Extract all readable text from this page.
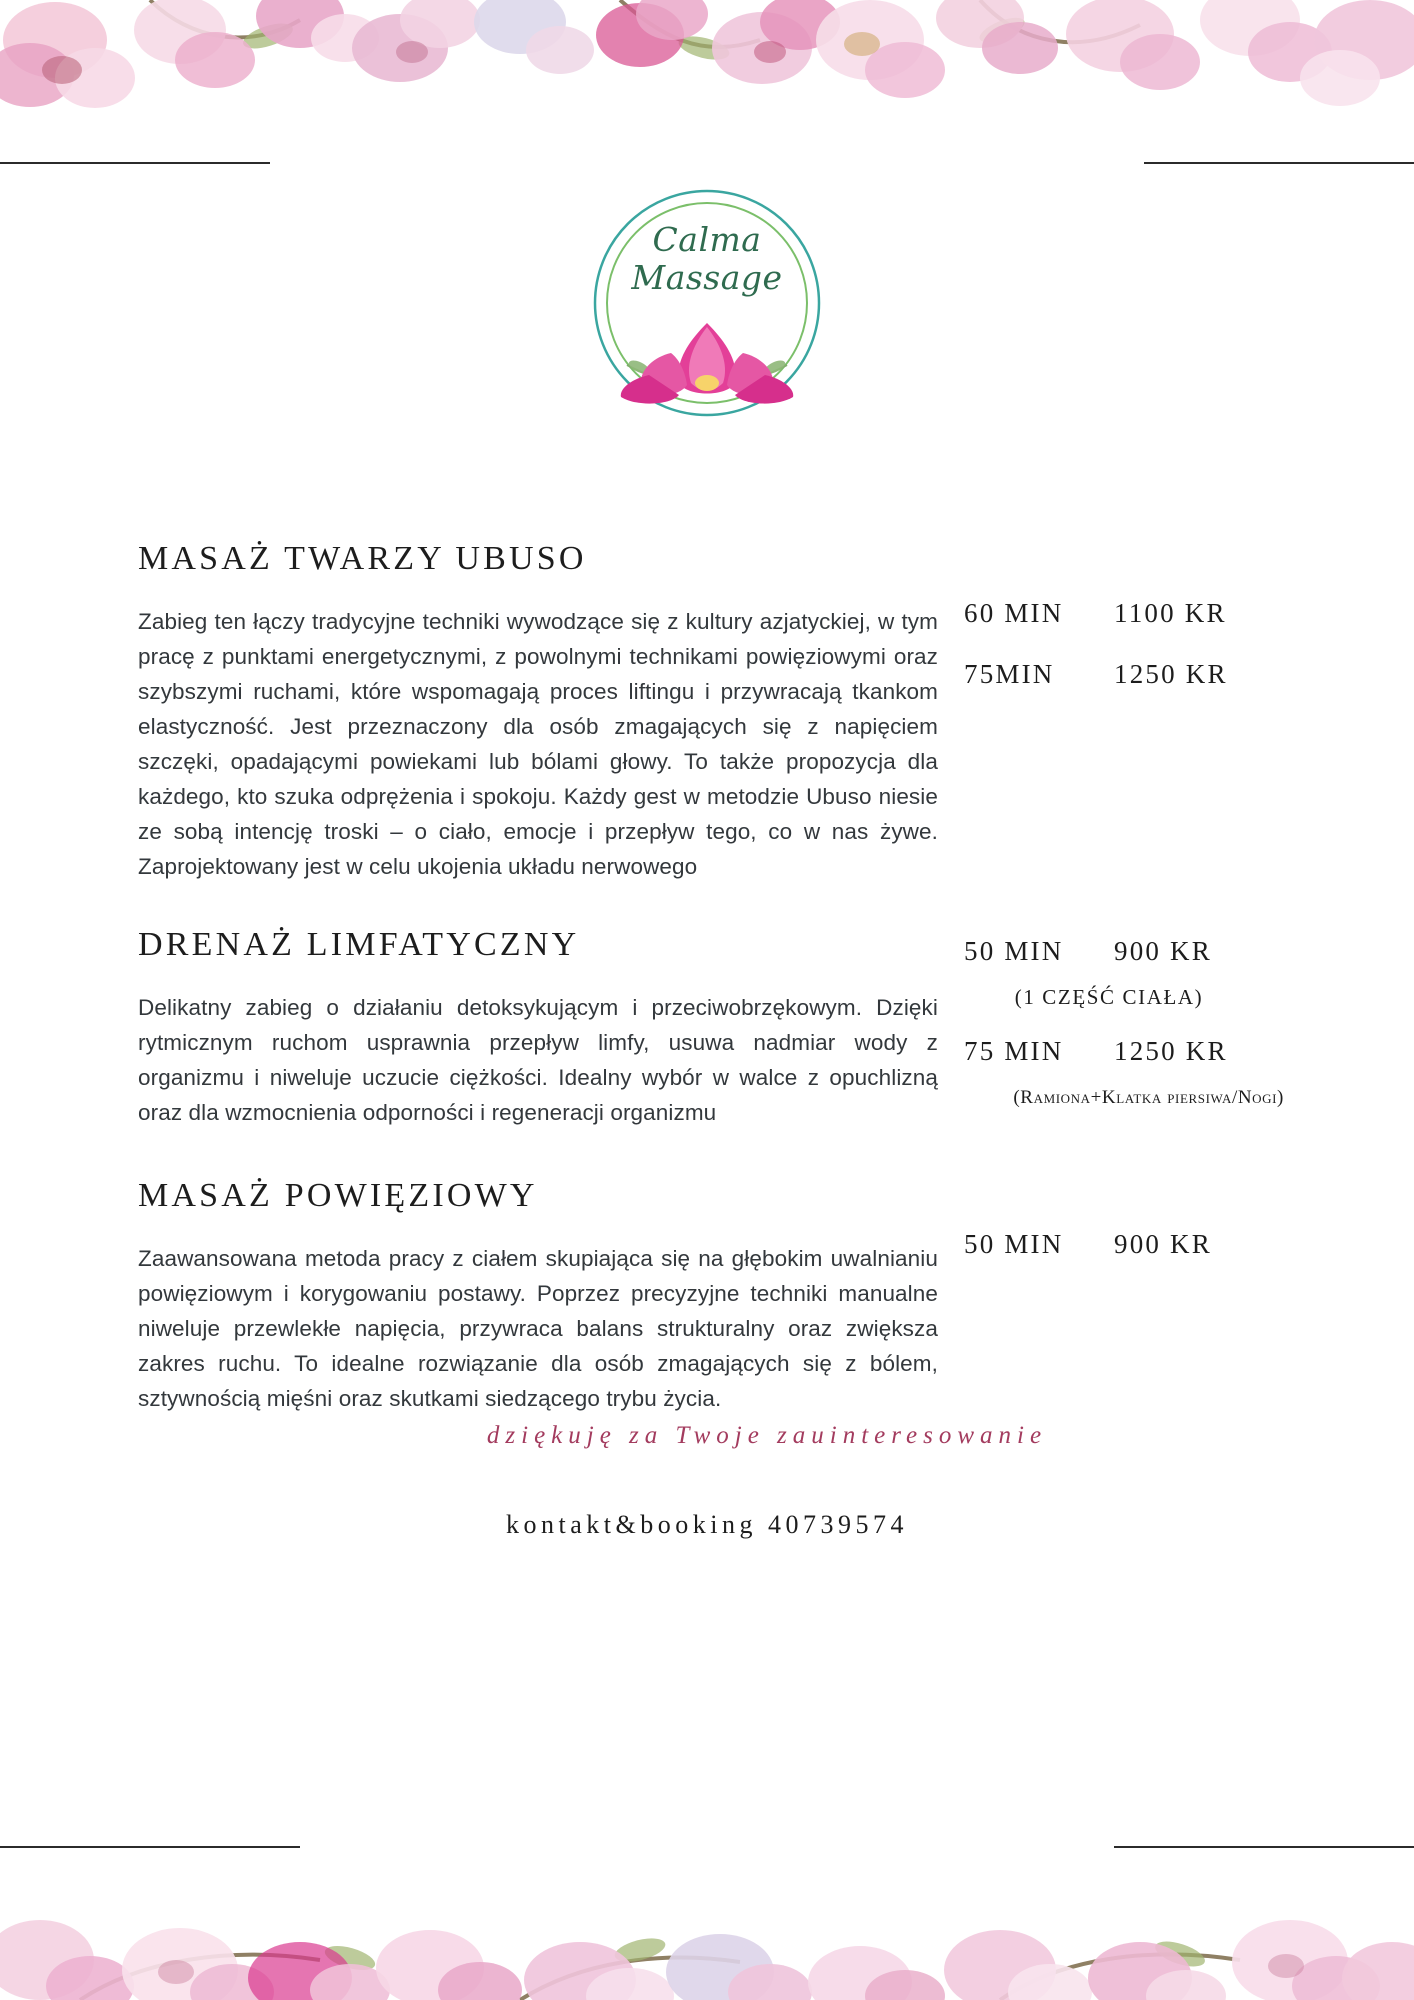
Calma
Massage
MASAŻ TWARZY UBUSO

Zabieg ten łączy tradycyjne techniki wywodzące się z kultury azjatyckiej, w tym pracę z punktami energetycznymi, z powolnymi technikami powięziowymi oraz szybszymi ruchami, które wspomagają proces liftingu i przywracają tkankom elastyczność. Jest przeznaczony dla osób zmagających się z napięciem szczęki, opadającymi powiekami lub bólami głowy. To także propozycja dla każdego, kto szuka odprężenia i spokoju. Każdy gest w metodzie Ubuso niesie ze sobą intencję troski – o ciało, emocje i przepływ tego, co w nas żywe. Zaprojektowany jest w celu ukojenia układu nerwowego

60 MIN	1100 KR
75MIN	1250 KR
DRENAŻ LIMFATYCZNY

Delikatny zabieg o działaniu detoksykującym i przeciwobrzękowym. Dzięki rytmicznym ruchom usprawnia przepływ limfy, usuwa nadmiar wody z organizmu i niweluje uczucie ciężkości. Idealny wybór w walce z opuchlizną oraz dla wzmocnienia odporności i regeneracji organizmu

50 MIN	900 KR
(1 CZĘŚĆ CIAŁA)
75 MIN	1250 KR
(Ramiona+Klatka piersiwa/Nogi)
MASAŻ POWIĘZIOWY

Zaawansowana metoda pracy z ciałem skupiająca się na głębokim uwalnianiu powięziowym i korygowaniu postawy. Poprzez precyzyjne techniki manualne niweluje przewlekłe napięcia, przywraca balans strukturalny oraz zwiększa zakres ruchu. To idealne rozwiązanie dla osób zmagających się z bólem, sztywnością mięśni oraz skutkami siedzącego trybu życia.

50 MIN	900 KR
dziękuję za Twoje zauinteresowanie
kontakt&booking 40739574
